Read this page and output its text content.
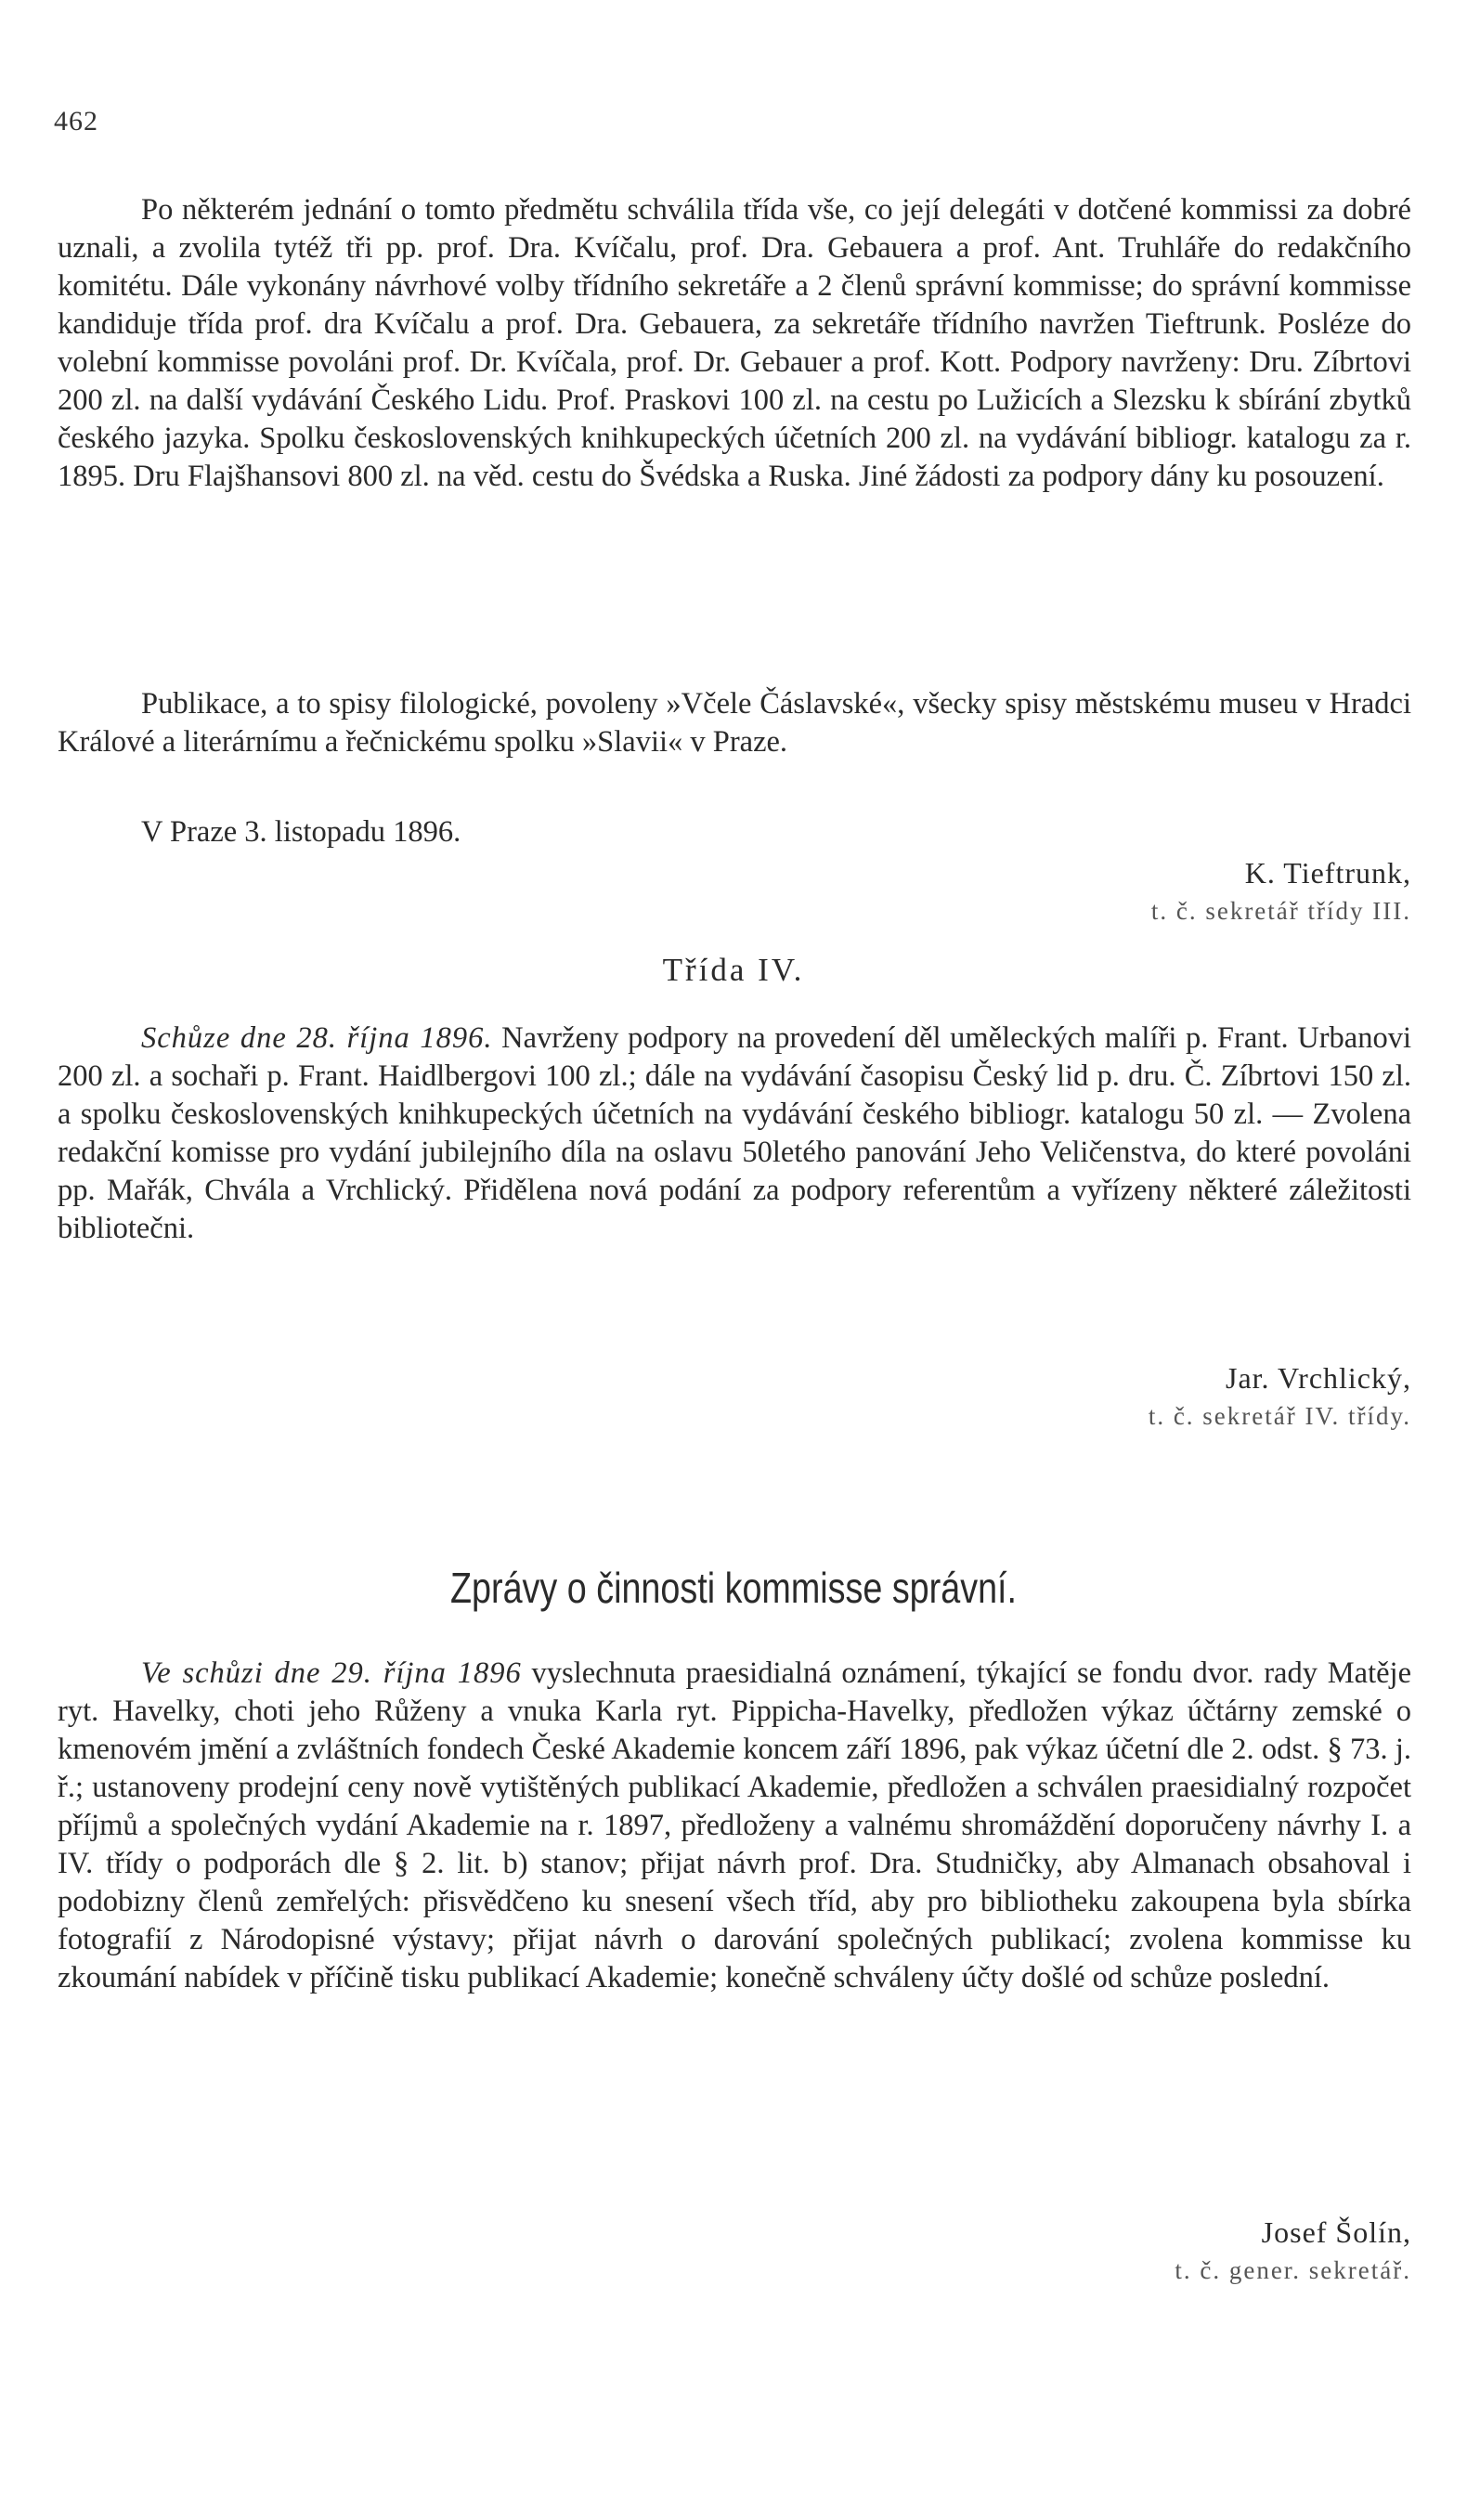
462

Po některém jednání o tomto předmětu schválila třída vše, co její delegáti v dotčené kommissi za dobré uznali, a zvolila tytéž tři pp. prof. Dra. Kvíčalu, prof. Dra. Gebauera a prof. Ant. Truhláře do redakčního komitétu. Dále vykonány návrhové volby třídního sekretáře a 2 členů správní kommisse; do správní kommisse kandiduje třída prof. dra Kvíčalu a prof. Dra. Gebauera, za sekretáře třídního navržen Tieftrunk. Posléze do volební kommisse povoláni prof. Dr. Kvíčala, prof. Dr. Gebauer a prof. Kott. Podpory navrženy: Dru. Zíbrtovi 200 zl. na další vydávání Českého Lidu. Prof. Praskovi 100 zl. na cestu po Lužicích a Slezsku k sbírání zbytků českého jazyka. Spolku československých knihkupeckých účetních 200 zl. na vydávání bibliogr. katalogu za r. 1895. Dru Flajšhansovi 800 zl. na věd. cestu do Švédska a Ruska. Jiné žádosti za podpory dány ku posouzení.

Publikace, a to spisy filologické, povoleny »Včele Čáslavské«, všecky spisy městskému museu v Hradci Králové a literárnímu a řečnickému spolku »Slavii« v Praze.

V Praze 3. listopadu 1896.

K. Tieftrunk,
t. č. sekretář třídy III.
Třída IV.

Schůze dne 28. října 1896. Navrženy podpory na provedení děl uměleckých malíři p. Frant. Urbanovi 200 zl. a sochaři p. Frant. Haidlbergovi 100 zl.; dále na vydávání časopisu Český lid p. dru. Č. Zíbrtovi 150 zl. a spolku československých knihkupeckých účetních na vydávání českého bibliogr. katalogu 50 zl. — Zvolena redakční komisse pro vydání jubilejního díla na oslavu 50letého panování Jeho Veličenstva, do které povoláni pp. Mařák, Chvála a Vrchlický. Přidělena nová podání za podpory referentům a vyřízeny některé záležitosti bibliotečni.

Jar. Vrchlický,
t. č. sekretář IV. třídy.
Zprávy o činnosti kommisse správní.

Ve schůzi dne 29. října 1896 vyslechnuta praesidialná oznámení, týkající se fondu dvor. rady Matěje ryt. Havelky, choti jeho Růženy a vnuka Karla ryt. Pippicha-Havelky, předložen výkaz účtárny zemské o kmenovém jmění a zvláštních fondech České Akademie koncem září 1896, pak výkaz účetní dle 2. odst. § 73. j. ř.; ustanoveny prodejní ceny nově vytištěných publikací Akademie, předložen a schválen praesidialný rozpočet příjmů a společných vydání Akademie na r. 1897, předloženy a valnému shromáždění doporučeny návrhy I. a IV. třídy o podporách dle § 2. lit. b) stanov; přijat návrh prof. Dra. Studničky, aby Almanach obsahoval i podobizny členů zemřelých: přisvědčeno ku snesení všech tříd, aby pro bibliotheku zakoupena byla sbírka fotografií z Národopisné výstavy; přijat návrh o darování společných publikací; zvolena kommisse ku zkoumání nabídek v příčině tisku publikací Akademie; konečně schváleny účty došlé od schůze poslední.

Josef Šolín,
t. č. gener. sekretář.
